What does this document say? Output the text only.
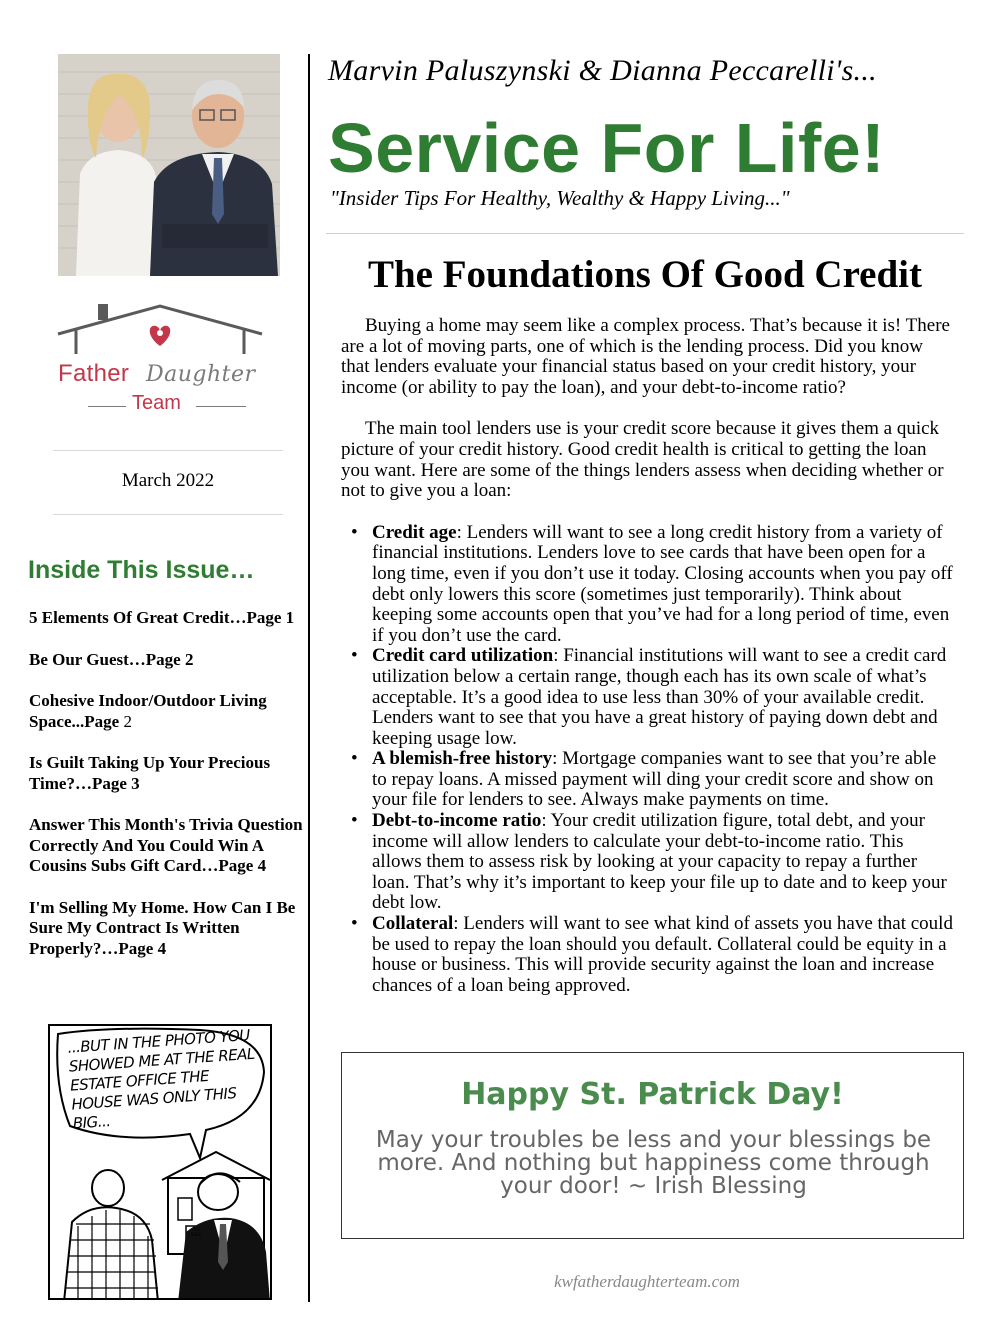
Father Daughter
Team
March 2022
Inside This Issue…
5 Elements Of Great Credit…Page 1
Be Our Guest…Page 2
Cohesive Indoor/Outdoor Living Space...Page 2
Is Guilt Taking Up Your Precious Time?…Page 3
Answer This Month's Trivia Question Correctly And You Could Win A Cousins Subs Gift Card…Page 4
I'm Selling My Home. How Can I Be Sure My Contract Is Written Properly?…Page 4
...BUT IN THE PHOTO YOU SHOWED ME AT THE REAL ESTATE OFFICE THE HOUSE WAS ONLY THIS BIG...
FOR SALE
Marvin Paluszynski & Dianna Peccarelli's...
Service For Life!
"Insider Tips For Healthy, Wealthy & Happy Living..."
The Foundations Of Good Credit

Buying a home may seem like a complex process. That’s because it is! There are a lot of moving parts, one of which is the lending process. Did you know that lenders evaluate your financial status based on your credit history, your income (or ability to pay the loan), and your debt-to-income ratio?

The main tool lenders use is your credit score because it gives them a quick picture of your credit history. Good credit health is critical to getting the loan you want. Here are some of the things lenders assess when deciding whether or not to give you a loan:

• Credit age: Lenders will want to see a long credit history from a variety of financial institutions. Lenders love to see cards that have been open for a long time, even if you don’t use it today. Closing accounts when you pay off debt only lowers this score (sometimes just temporarily). Think about keeping some accounts open that you’ve had for a long period of time, even if you don’t use the card.
• Credit card utilization: Financial institutions will want to see a credit card utilization below a certain range, though each has its own scale of what’s acceptable. It’s a good idea to use less than 30% of your available credit. Lenders want to see that you have a great history of paying down debt and keeping usage low.
• A blemish-free history: Mortgage companies want to see that you’re able to repay loans. A missed payment will ding your credit score and show on your file for lenders to see. Always make payments on time.
• Debt-to-income ratio: Your credit utilization figure, total debt, and your income will allow lenders to calculate your debt-to-income ratio. This allows them to assess risk by looking at your capacity to repay a further loan. That’s why it’s important to keep your file up to date and to keep your debt low.
• Collateral: Lenders will want to see what kind of assets you have that could be used to repay the loan should you default. Collateral could be equity in a house or business. This will provide security against the loan and increase chances of a loan being approved.
Happy St. Patrick Day!
May your troubles be less and your blessings be more. And nothing but happiness come through your door! ~ Irish Blessing
kwfatherdaughterteam.com
